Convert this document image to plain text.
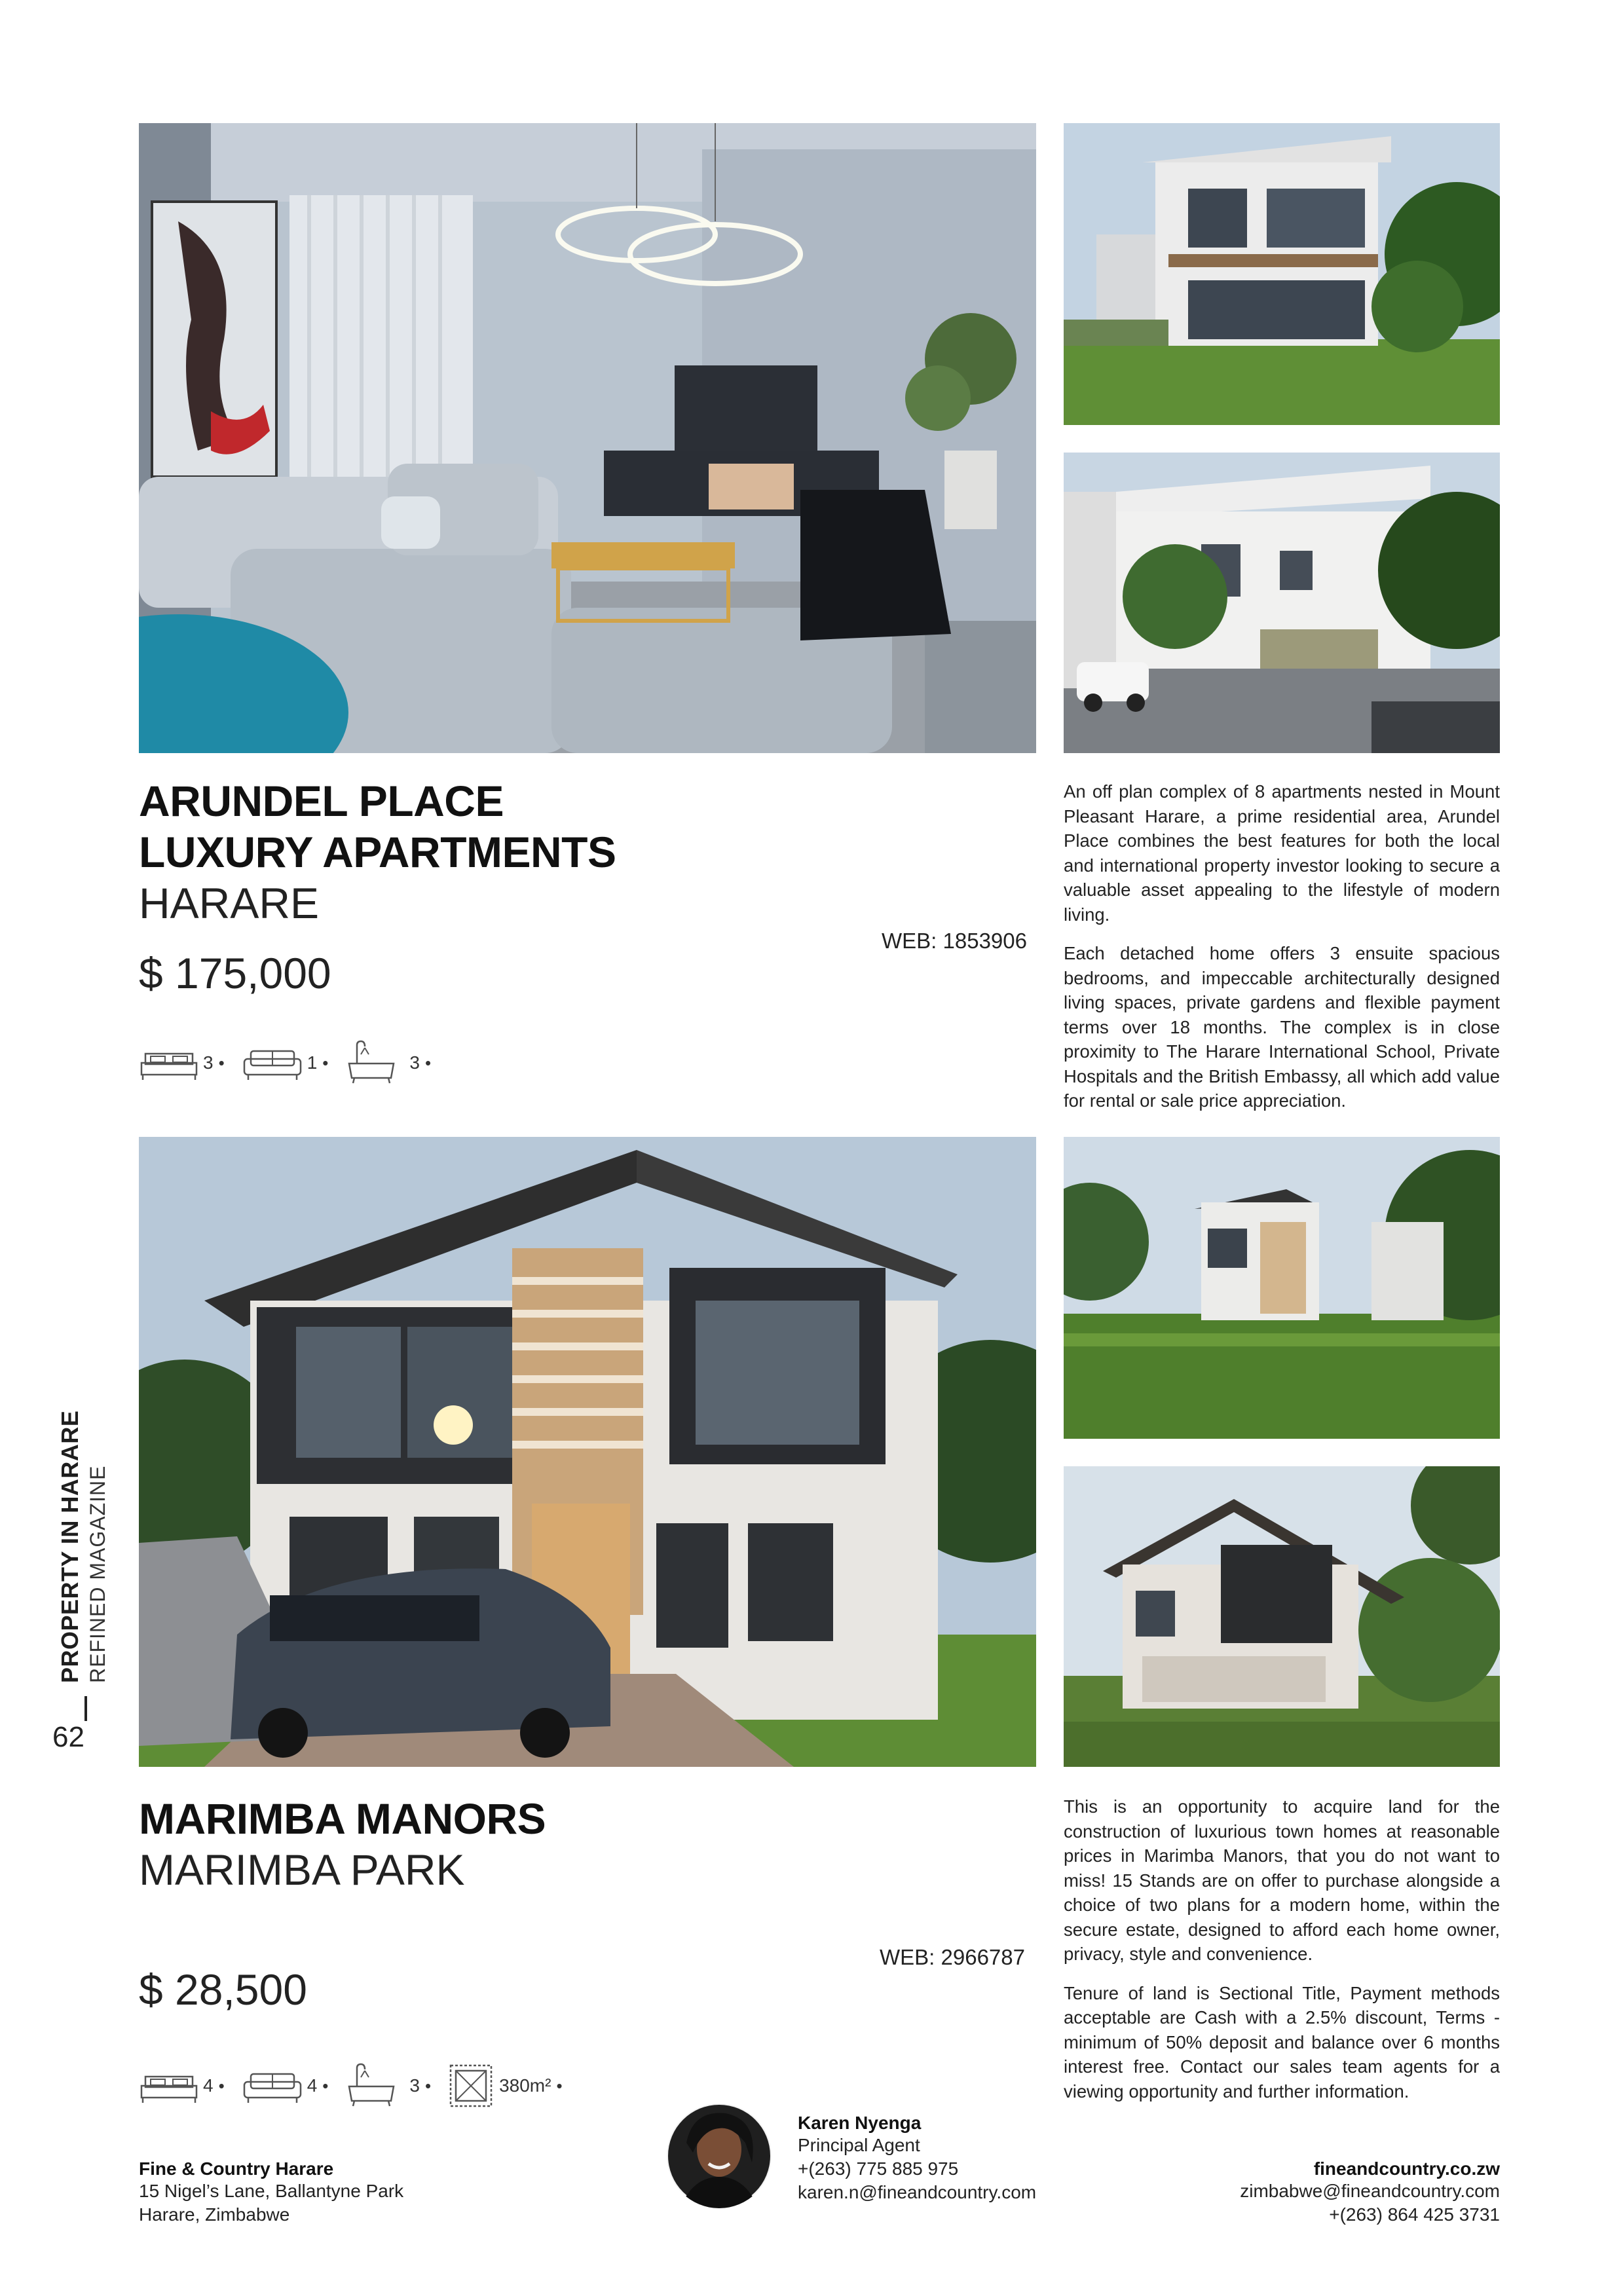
PROPERTY IN HARARE REFINED MAGAZINE
62
ARUNDEL PLACE
LUXURY APARTMENTS
HARARE
$ 175,000
WEB: 1853906
3 •	1 •	3 •

An off plan complex of 8 apartments nested in Mount Pleasant Harare, a prime residential area, Arundel Place combines the best features for both the local and international property investor looking to secure a valuable asset appealing to the lifestyle of modern living.

Each detached home offers 3 ensuite spacious bedrooms, and impeccable architecturally designed living spaces, private gardens and flexible payment terms over 18 months. The complex is in close proximity to The Harare International School, Private Hospitals and the British Embassy, all which add value for rental or sale price appreciation.

MARIMBA MANORS
MARIMBA PARK
WEB: 2966787
$ 28,500
4 •	4 •	3 •	380m² •

This is an opportunity to acquire land for the construction of luxurious town homes at reasonable prices in Marimba Manors, that you do not want to miss! 15 Stands are on offer to purchase alongside a choice of two plans for a modern home, within the secure estate, designed to afford each home owner, privacy, style and convenience.

Tenure of land is Sectional Title, Payment methods acceptable are Cash with a 2.5% discount, Terms - minimum of 50% deposit and balance over 6 months interest free. Contact our sales team agents for a viewing opportunity and further information.

Fine & Country Harare
15 Nigel’s Lane, Ballantyne Park
Harare, Zimbabwe
Karen Nyenga
Principal Agent
+(263) 775 885 975
karen.n@fineandcountry.com
fineandcountry.co.zw
zimbabwe@fineandcountry.com
+(263) 864 425 3731
